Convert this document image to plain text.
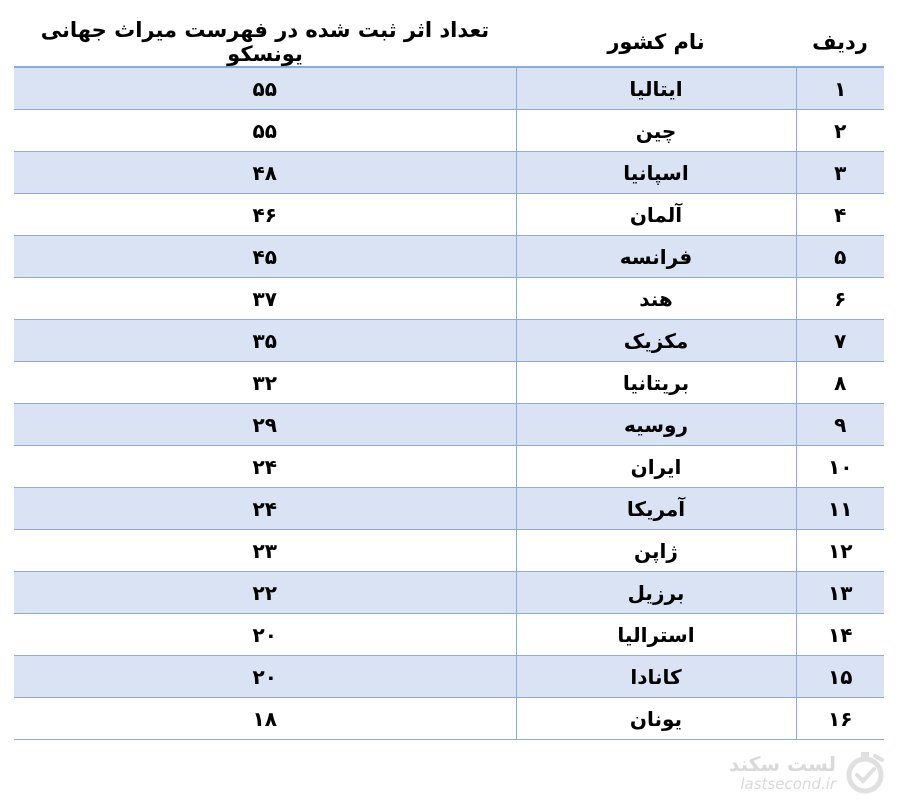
تعداد اثر ثبت شده در فهرست میراث جهانی یونسکو	نام کشور	ردیف
۵۵	ایتالیا	۱
۵۵	چین	۲
۴۸	اسپانیا	۳
۴۶	آلمان	۴
۴۵	فرانسه	۵
۳۷	هند	۶
۳۵	مکزیک	۷
۳۲	بریتانیا	۸
۲۹	روسیه	۹
۲۴	ایران	۱۰
۲۴	آمریکا	۱۱
۲۳	ژاپن	۱۲
۲۲	برزیل	۱۳
۲۰	استرالیا	۱۴
۲۰	کانادا	۱۵
۱۸	یونان	۱۶
لست سکند
lastsecond.ir
